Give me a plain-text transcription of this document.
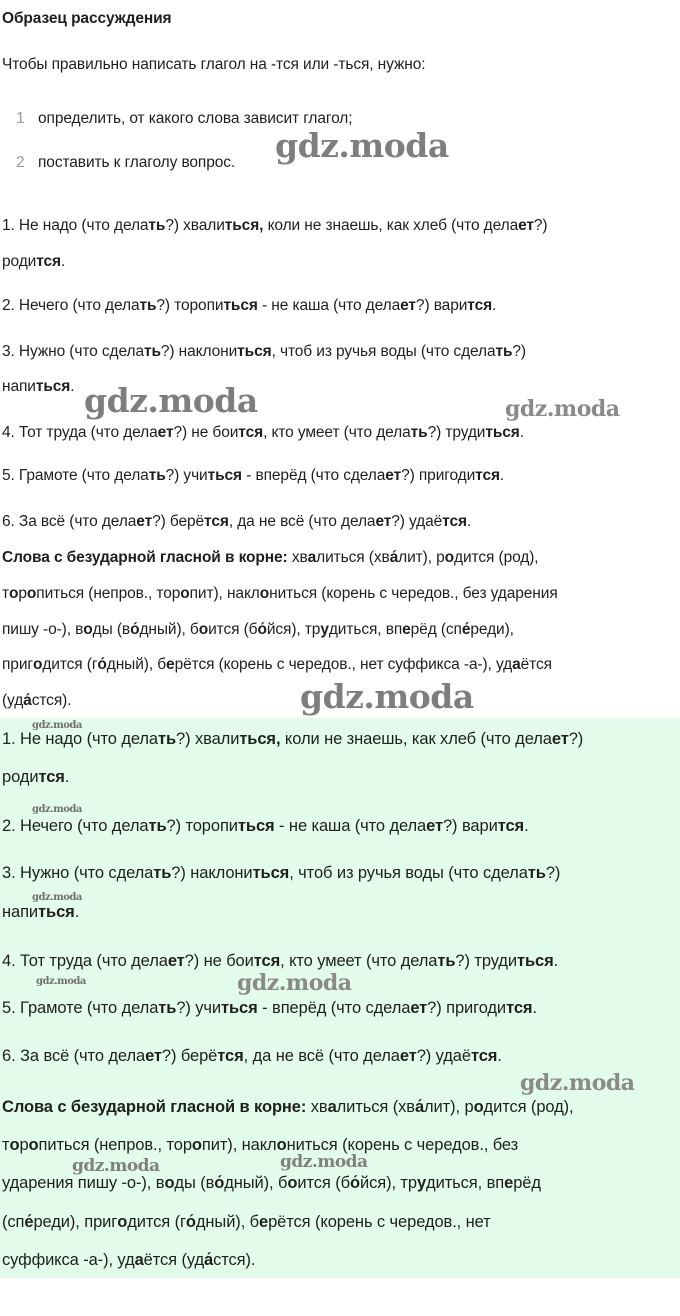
Образец рассуждения
Чтобы правильно написать глагол на -тся или -ться, нужно:
1 определить, от какого слова зависит глагол;
2 поставить к глаголу вопрос.
1. Не надо (что делать?) хвалиться, коли не знаешь, как хлеб (что делает?)
родится.
2. Нечего (что делать?) торопиться - не каша (что делает?) варится.
3. Нужно (что сделать?) наклониться, чтоб из ручья воды (что сделать?)
напиться.
4. Тот труда (что делает?) не боится, кто умеет (что делать?) трудиться.
5. Грамоте (что делать?) учиться - вперёд (что сделает?) пригодится.
6. За всё (что делает?) берётся, да не всё (что делает?) удаётся.
Слова с безударной гласной в корне: хвалиться (хва́лит), родится (род),
торопиться (непров., торопит), наклониться (корень с чередов., без ударения
пишу -о-), воды (во́дный), боится (бо́йся), трудиться, вперёд (спе́реди),
пригодится (го́дный), берётся (корень с чередов., нет суффикса -а-), удаётся
(уда́стся).
gdz.moda
gdz.moda	gdz.moda
gdz.moda
1. Не надо (что делать?) хвалиться, коли не знаешь, как хлеб (что делает?)
родится.
2. Нечего (что делать?) торопиться - не каша (что делает?) варится.
3. Нужно (что сделать?) наклониться, чтоб из ручья воды (что сделать?)
напиться.
4. Тот труда (что делает?) не боится, кто умеет (что делать?) трудиться.
5. Грамоте (что делать?) учиться - вперёд (что сделает?) пригодится.
6. За всё (что делает?) берётся, да не всё (что делает?) удаётся.
Слова с безударной гласной в корне: хвалиться (хва́лит), родится (род),
торопиться (непров., торопит), наклониться (корень с чередов., без
ударения пишу -о-), воды (во́дный), боится (бо́йся), трудиться, вперёд
(спе́реди), пригодится (го́дный), берётся (корень с чередов., нет
суффикса -а-), удаётся (уда́стся).
gdz.moda
gdz.moda
gdz.moda
gdz.moda	gdz.moda
gdz.moda
gdz.moda	gdz.moda
